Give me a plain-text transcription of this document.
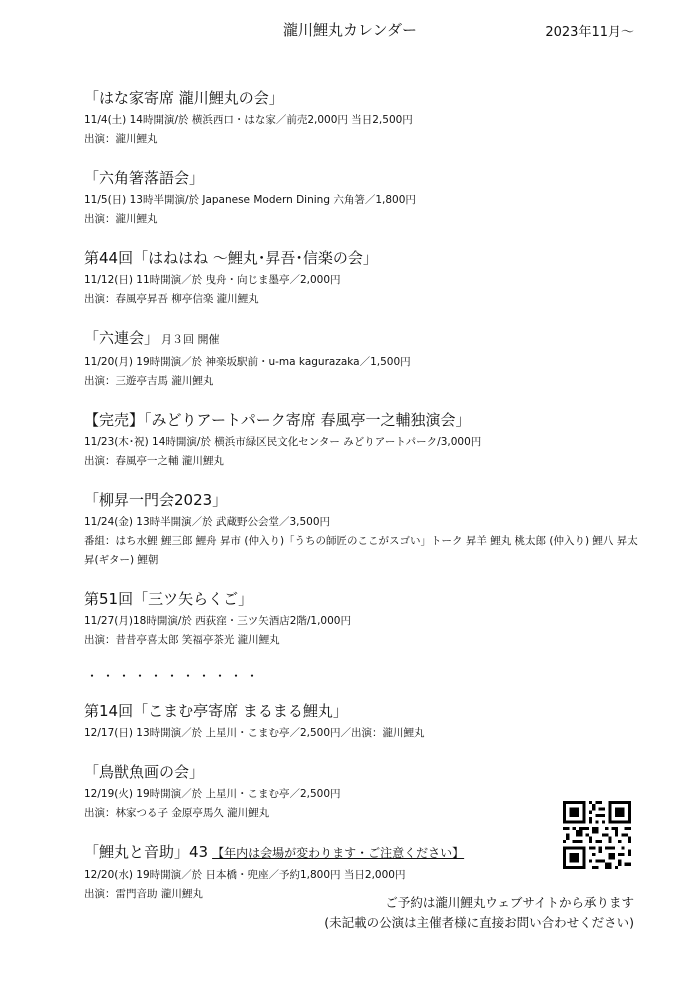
瀧川鯉丸カレンダー	2023年11月〜
「はな家寄席 瀧川鯉丸の会」
11/4(土) 14時開演/於 横浜西口・はな家／前売2,000円 当日2,500円
出演：瀧川鯉丸
「六角箸落語会」
11/5(日) 13時半開演/於 Japanese Modern Dining 六角箸／1,800円
出演：瀧川鯉丸
第44回「はねはね 〜鯉丸･昇吾･信楽の会」
11/12(日) 11時開演／於 曳舟・向じま墨亭／2,000円
出演：春風亭昇吾 柳亭信楽 瀧川鯉丸
「六連会」 月３回 開催
11/20(月) 19時開演／於 神楽坂駅前・u-ma kagurazaka／1,500円
出演：三遊亭吉馬 瀧川鯉丸
【完売】「みどりアートパーク寄席 春風亭一之輔独演会」
11/23(木･祝) 14時開演/於 横浜市緑区民文化センター みどりアートパーク/3,000円
出演：春風亭一之輔 瀧川鯉丸
「柳昇一門会2023」
11/24(金) 13時半開演／於 武蔵野公会堂／3,500円
番組：はち水鯉 鯉三郎 鯉舟 昇市 (仲入り)「うちの師匠のここがスゴい」トーク 昇羊 鯉丸 桃太郎 (仲入り) 鯉八 昇太 昇(ギター) 鯉朝
第51回「三ツ矢らくご」
11/27(月)18時開演/於 西荻窪・三ツ矢酒店2階/1,000円
出演：昔昔亭喜太郎 笑福亭茶光 瀧川鯉丸
・・・・・・・・・・・
第14回「こまむ亭寄席 まるまる鯉丸」
12/17(日) 13時開演／於 上星川・こまむ亭／2,500円／出演：瀧川鯉丸
「鳥獣魚画の会」
12/19(火) 19時開演／於 上星川・こまむ亭／2,500円
出演：林家つる子 金原亭馬久 瀧川鯉丸
「鯉丸と音助」43 【年内は会場が変わります・ご注意ください】
12/20(水) 19時開演／於 日本橋・兜座／予約1,800円 当日2,000円
出演：雷門音助 瀧川鯉丸
ご予約は瀧川鯉丸ウェブサイトから承ります
(未記載の公演は主催者様に直接お問い合わせください)
